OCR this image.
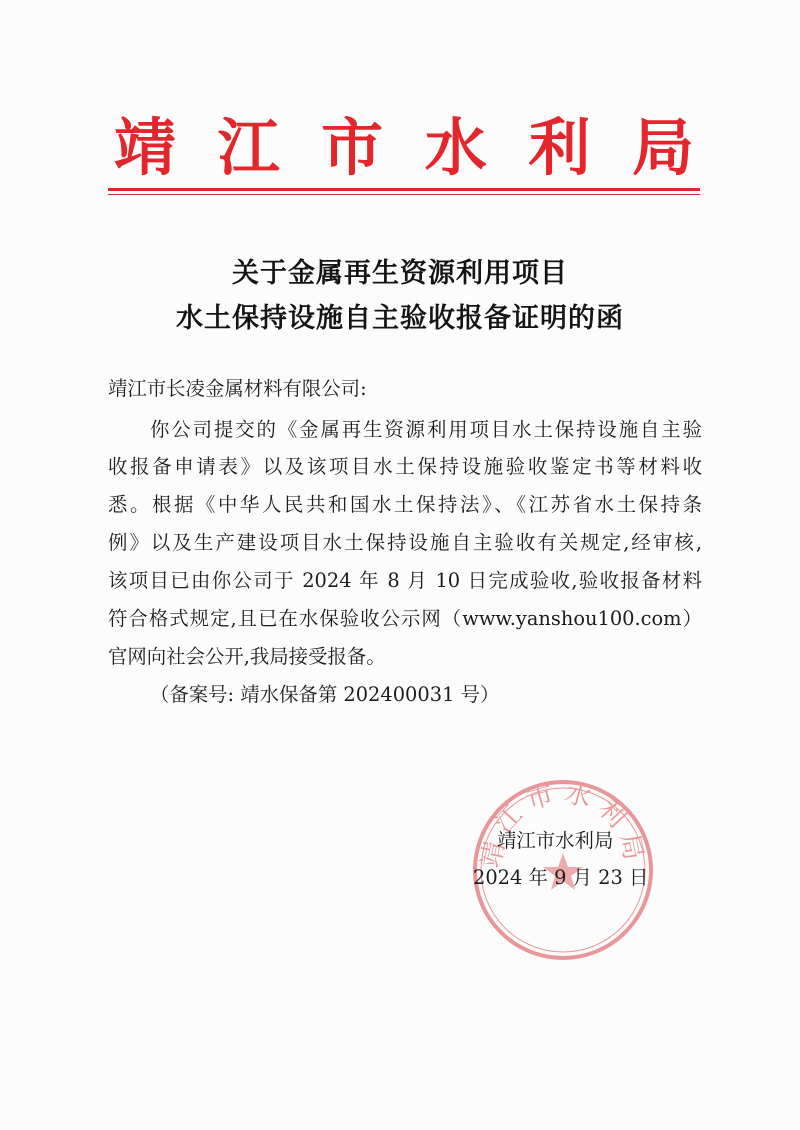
靖 江 市 水 利 局
关于金属再生资源利用项目
水土保持设施自主验收报备证明的函
靖江市长凌金属材料有限公司:
你公司提交的《金属再生资源利用项目水土保持设施自主验
收报备申请表》以及该项目水土保持设施验收鉴定书等材料收
悉。根据《中华人民共和国水土保持法》、《江苏省水土保持条
例》以及生产建设项目水土保持设施自主验收有关规定,经审核,
该项目已由你公司于 2024 年 8 月 10 日完成验收,验收报备材料
符合格式规定,且已在水保验收公示网（www.yanshou100.com）
官网向社会公开,我局接受报备。
（备案号: 靖水保备第 202400031 号）
靖江市水利局
靖江市水利局
2024 年 9 月 23 日
